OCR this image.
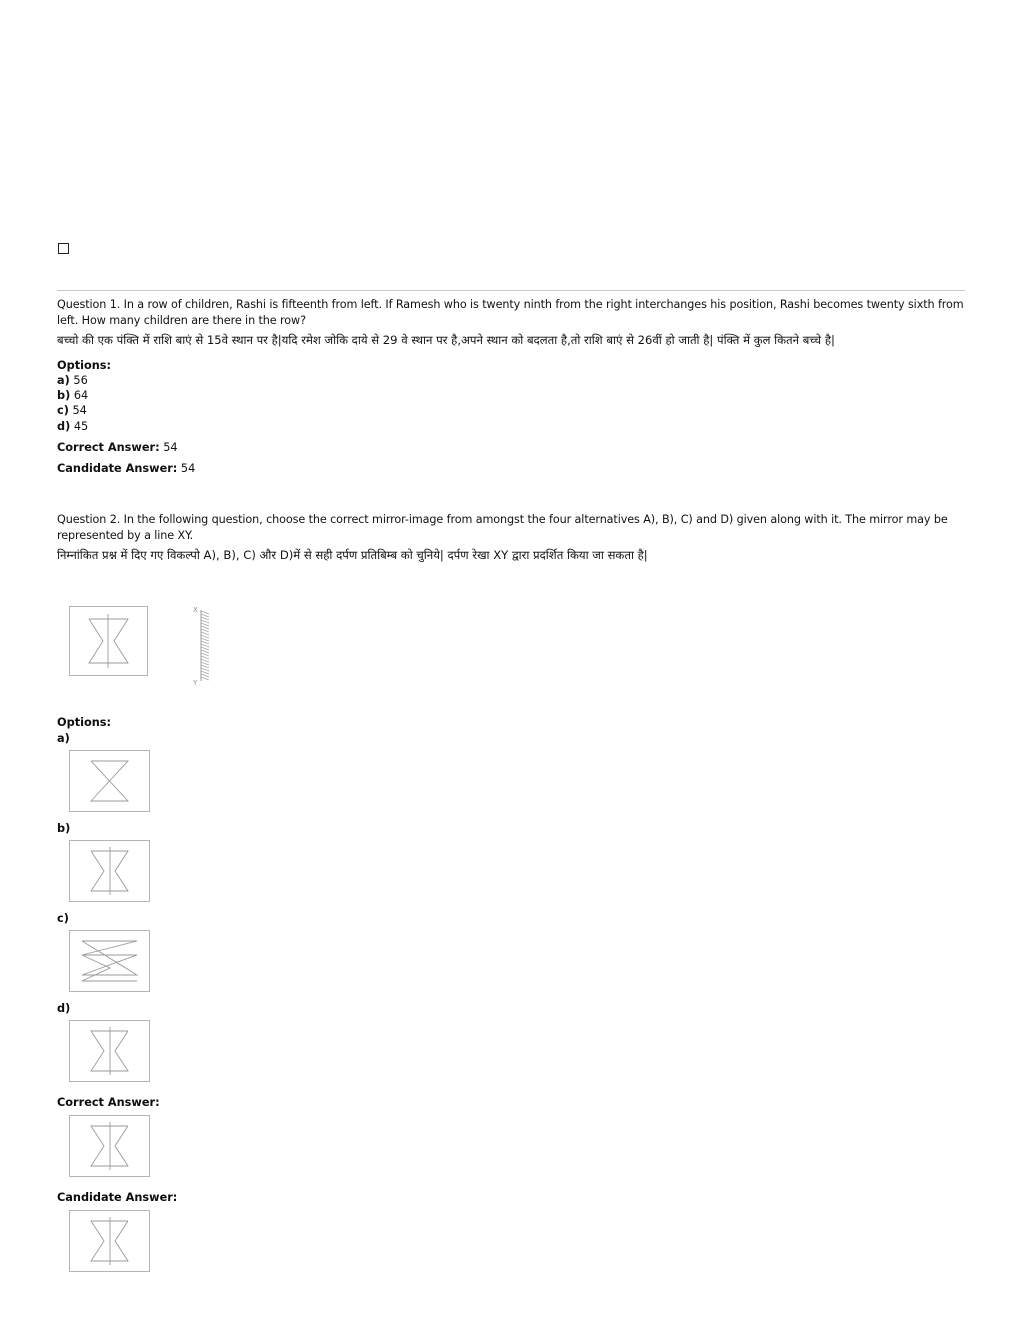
Question 1. In a row of children, Rashi is fifteenth from left. If Ramesh who is twenty ninth from the right interchanges his position, Rashi becomes twenty sixth from left. How many children are there in the row?

बच्चो की एक पंक्ति में राशि बाएं से 15वे स्थान पर है|यदि रमेश जोकि दाये से 29 वे स्थान पर है,अपने स्थान को बदलता है,तो राशि बाएं से 26वीं हो जाती है| पंक्ति में कुल कितने बच्चे है|

Options:

a) 56

b) 64

c) 54

d) 45

Correct Answer: 54

Candidate Answer: 54

Question 2. In the following question, choose the correct mirror-image from amongst the four alternatives A), B), C) and D) given along with it. The mirror may be represented by a line XY.

निम्नांकित प्रश्न में दिए गए विकल्पो A), B), C) और D)में से सही दर्पण प्रतिबिम्ब को चुनिये| दर्पण रेखा XY द्वारा प्रदर्शित किया जा सकता है|

X
Y

Options:

a)

b)

c)

d)

Correct Answer:

Candidate Answer:
